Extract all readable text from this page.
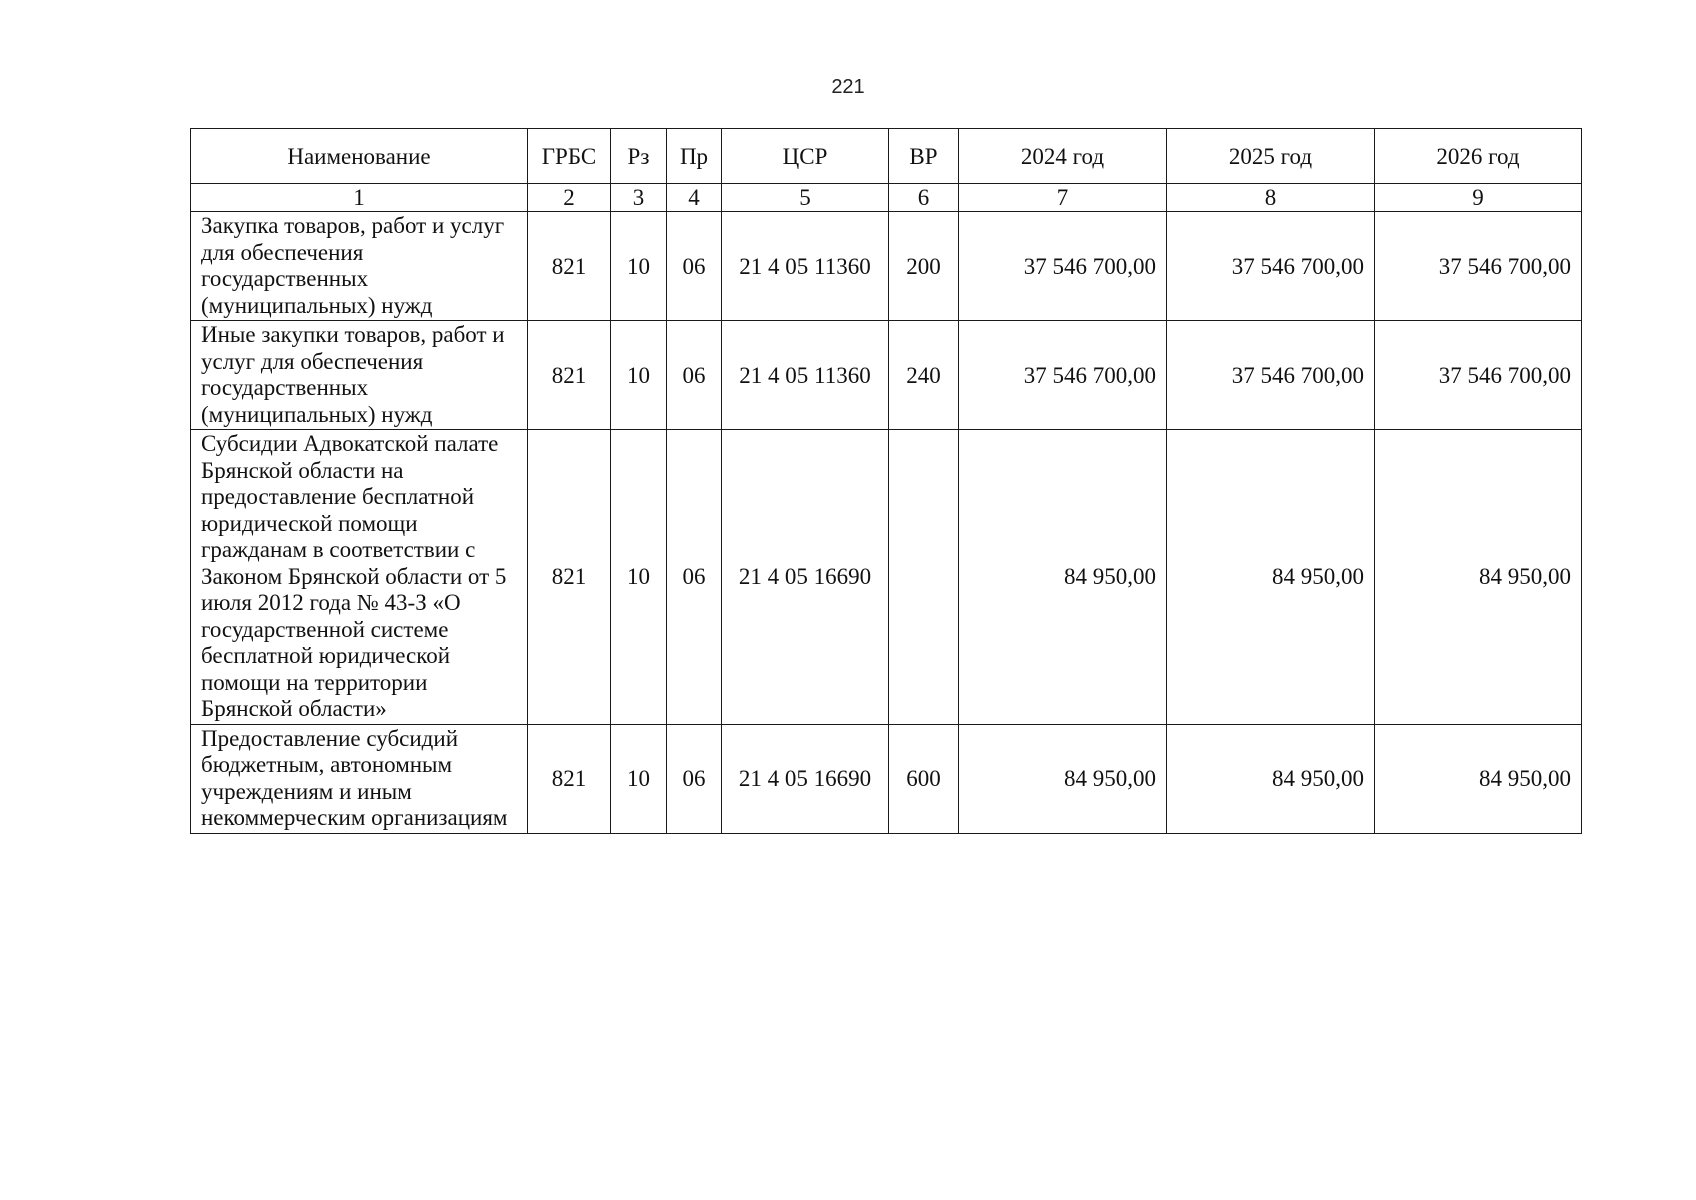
221
Наименование	ГРБС	Рз	Пр	ЦСР	ВР	2024 год	2025 год	2026 год
1	2	3	4	5	6	7	8	9
Закупка товаров, работ и услуг для обеспечения государственных (муниципальных) нужд	821	10	06	21 4 05 11360	200	37 546 700,00	37 546 700,00	37 546 700,00
Иные закупки товаров, работ и услуг для обеспечения государственных (муниципальных) нужд	821	10	06	21 4 05 11360	240	37 546 700,00	37 546 700,00	37 546 700,00
Субсидии Адвокатской палате Брянской области на предоставление бесплатной юридической помощи гражданам в соответствии с Законом Брянской области от 5 июля 2012 года № 43-З «О государственной системе бесплатной юридической помощи на территории Брянской области»	821	10	06	21 4 05 16690		84 950,00	84 950,00	84 950,00
Предоставление субсидий бюджетным, автономным учреждениям и иным некоммерческим организациям	821	10	06	21 4 05 16690	600	84 950,00	84 950,00	84 950,00
